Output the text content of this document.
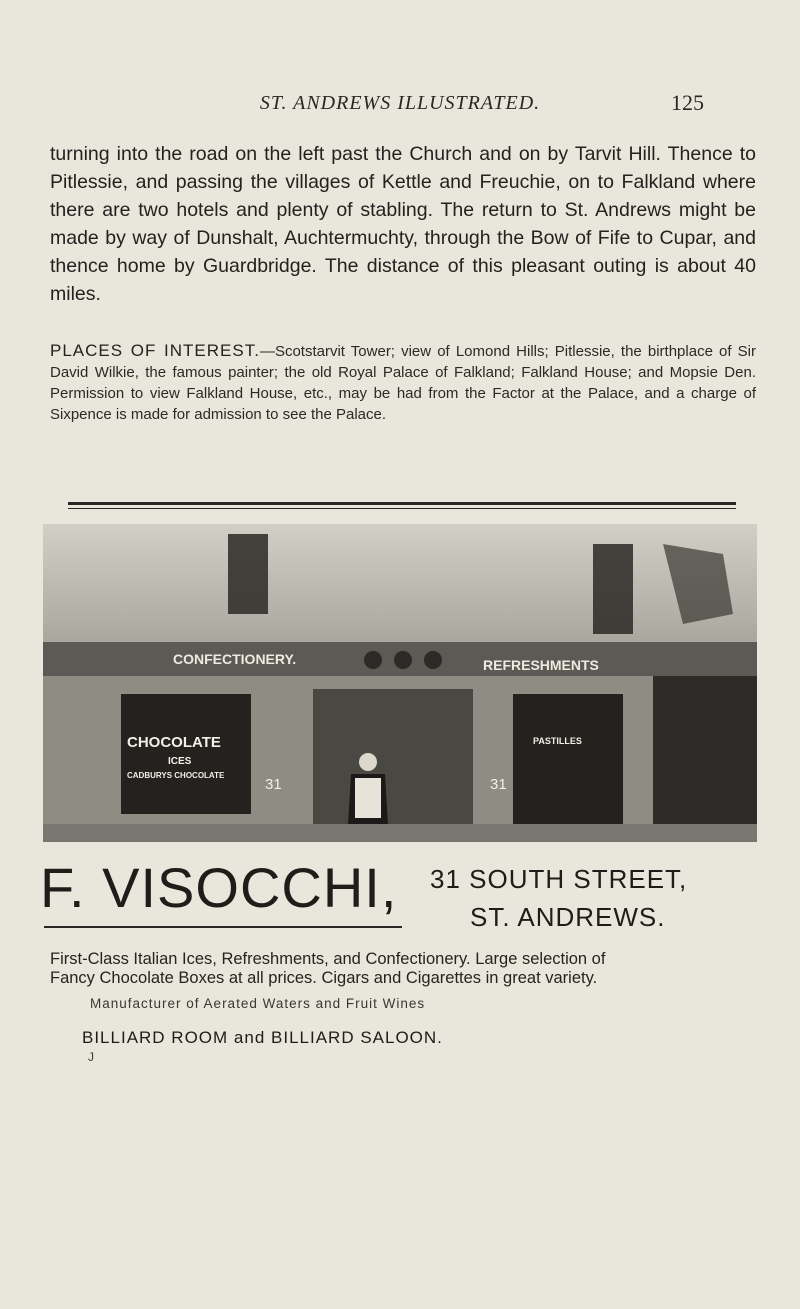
ST. ANDREWS ILLUSTRATED.	125
turning into the road on the left past the Church and on by Tarvit Hill. Thence to Pitlessie, and passing the villages of Kettle and Freuchie, on to Falkland where there are two hotels and plenty of stabling. The return to St. Andrews might be made by way of Dunshalt, Auchtermuchty, through the Bow of Fife to Cupar, and thence home by Guardbridge. The distance of this pleasant outing is about 40 miles.
PLACES OF INTEREST.—Scotstarvit Tower; view of Lomond Hills; Pitlessie, the birthplace of Sir David Wilkie, the famous painter; the old Royal Palace of Falkland; Falkland House; and Mopsie Den. Permission to view Falkland House, etc., may be had from the Factor at the Palace, and a charge of Sixpence is made for admission to see the Palace.
CONFECTIONERY.	REFRESHMENTS
CHOCOLATE
ICES
CADBURYS CHOCOLATE
31	31
PASTILLES
F. VISOCCHI, 31 SOUTH STREET,
ST. ANDREWS.

First-Class Italian Ices, Refreshments, and Confectionery. Large selection of

Fancy Chocolate Boxes at all prices. Cigars and Cigarettes in great variety.

Manufacturer of Aerated Waters and Fruit Wines
BILLIARD ROOM and BILLIARD SALOON.
J
